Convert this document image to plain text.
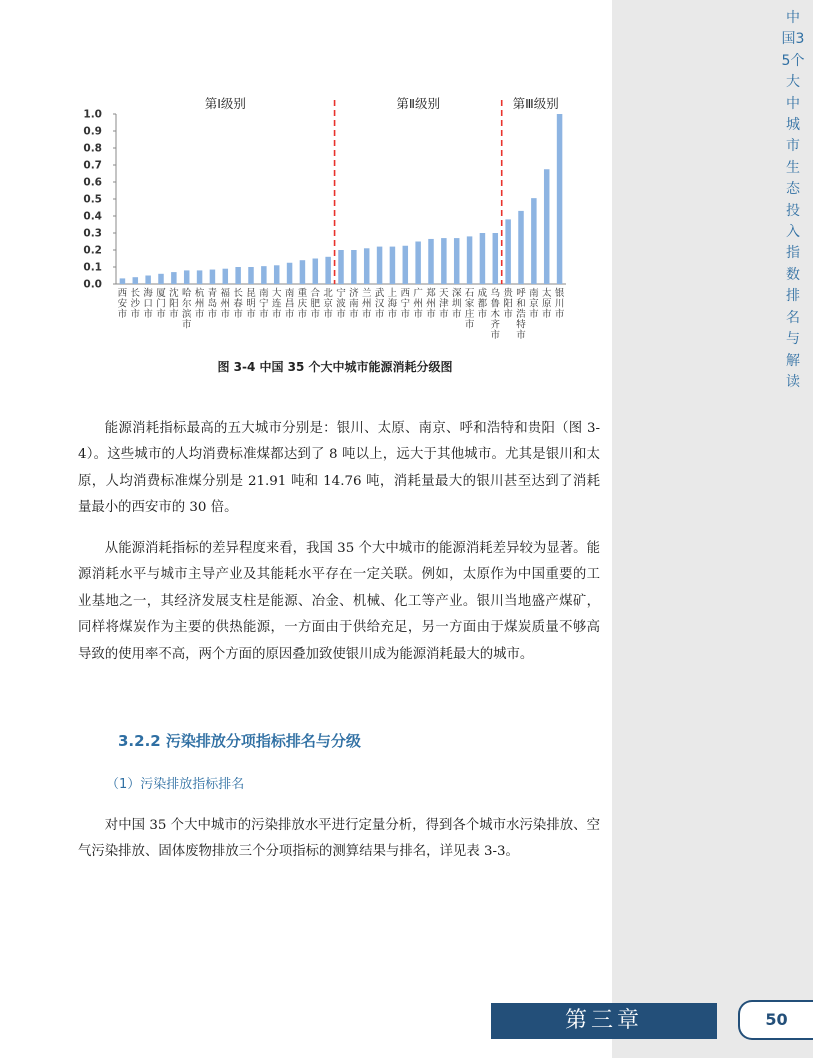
中国35个大中城市生态投入指数排名与解读
0.0
0.1
0.2
0.3
0.4
0.5
0.6
0.7
0.8
0.9
1.0
西安市
长沙市
海口市
厦门市
沈阳市
哈尔滨市
杭州市
青岛市
福州市
长春市
昆明市
南宁市
大连市
南昌市
重庆市
合肥市
北京市
宁波市
济南市
兰州市
武汉市
上海市
西宁市
广州市
郑州市
天津市
深圳市
石家庄市
成都市
乌鲁木齐市
贵阳市
呼和浩特市
南京市
太原市
银川市
第Ⅰ级别	第Ⅱ级别	第Ⅲ级别
图 3-4 中国 35 个大中城市能源消耗分级图

能源消耗指标最高的五大城市分别是：银川、太原、南京、呼和浩特和贵阳（图 3-4）。这些城市的人均消费标准煤都达到了 8 吨以上，远大于其他城市。尤其是银川和太原，人均消费标准煤分别是 21.91 吨和 14.76 吨，消耗量最大的银川甚至达到了消耗量最小的西安市的 30 倍。

从能源消耗指标的差异程度来看，我国 35 个大中城市的能源消耗差异较为显著。能源消耗水平与城市主导产业及其能耗水平存在一定关联。例如，太原作为中国重要的工业基地之一，其经济发展支柱是能源、冶金、机械、化工等产业。银川当地盛产煤矿，同样将煤炭作为主要的供热能源，一方面由于供给充足，另一方面由于煤炭质量不够高导致的使用率不高，两个方面的原因叠加致使银川成为能源消耗最大的城市。

3.2.2 污染排放分项指标排名与分级
（1）污染排放指标排名

对中国 35 个大中城市的污染排放水平进行定量分析，得到各个城市水污染排放、空气污染排放、固体废物排放三个分项指标的测算结果与排名，详见表 3-3。

第三章	50
